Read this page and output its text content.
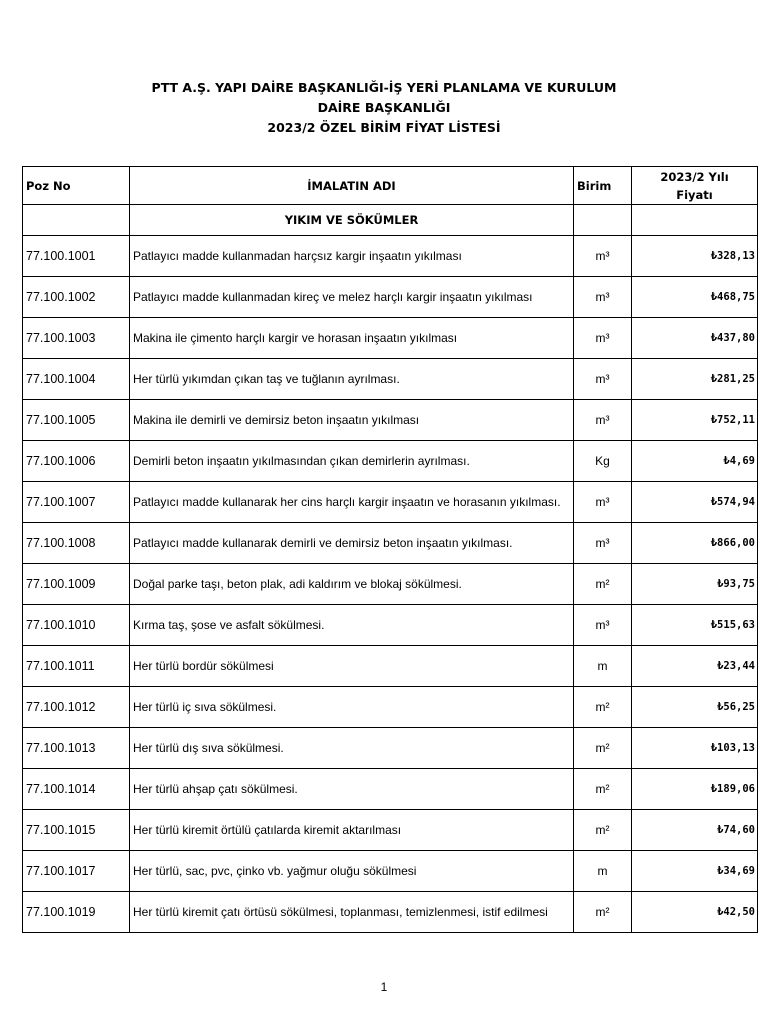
PTT A.Ş. YAPI DAİRE BAŞKANLIĞI-İŞ YERİ PLANLAMA VE KURULUM
DAİRE BAŞKANLIĞI
2023/2 ÖZEL BİRİM FİYAT LİSTESİ
Poz No	İMALATIN ADI	Birim	2023/2 Yılı
Fiyatı
	YIKIM VE SÖKÜMLER		
77.100.1001	Patlayıcı madde kullanmadan harçsız kargir inşaatın yıkılması	m³	₺328,13
77.100.1002	Patlayıcı madde kullanmadan kireç ve melez harçlı kargir inşaatın yıkılması	m³	₺468,75
77.100.1003	Makina ile çimento harçlı kargir ve horasan inşaatın yıkılması	m³	₺437,80
77.100.1004	Her türlü yıkımdan çıkan taş ve tuğlanın ayrılması.	m³	₺281,25
77.100.1005	Makina ile demirli ve demirsiz beton inşaatın yıkılması	m³	₺752,11
77.100.1006	Demirli beton inşaatın yıkılmasından çıkan demirlerin ayrılması.	Kg	₺4,69
77.100.1007	Patlayıcı madde kullanarak her cins harçlı kargir inşaatın ve horasanın yıkılması.	m³	₺574,94
77.100.1008	Patlayıcı madde kullanarak demirli ve demirsiz beton inşaatın yıkılması.	m³	₺866,00
77.100.1009	Doğal parke taşı, beton plak, adi kaldırım ve blokaj sökülmesi.	m²	₺93,75
77.100.1010	Kırma taş, şose ve asfalt sökülmesi.	m³	₺515,63
77.100.1011	Her türlü bordür sökülmesi	m	₺23,44
77.100.1012	Her türlü iç sıva sökülmesi.	m²	₺56,25
77.100.1013	Her türlü dış sıva sökülmesi.	m²	₺103,13
77.100.1014	Her türlü ahşap çatı sökülmesi.	m²	₺189,06
77.100.1015	Her türlü kiremit örtülü çatılarda kiremit aktarılması	m²	₺74,60
77.100.1017	Her türlü, sac, pvc, çinko vb. yağmur oluğu sökülmesi	m	₺34,69
77.100.1019	Her türlü kiremit çatı örtüsü sökülmesi, toplanması, temizlenmesi, istif edilmesi	m²	₺42,50
1
